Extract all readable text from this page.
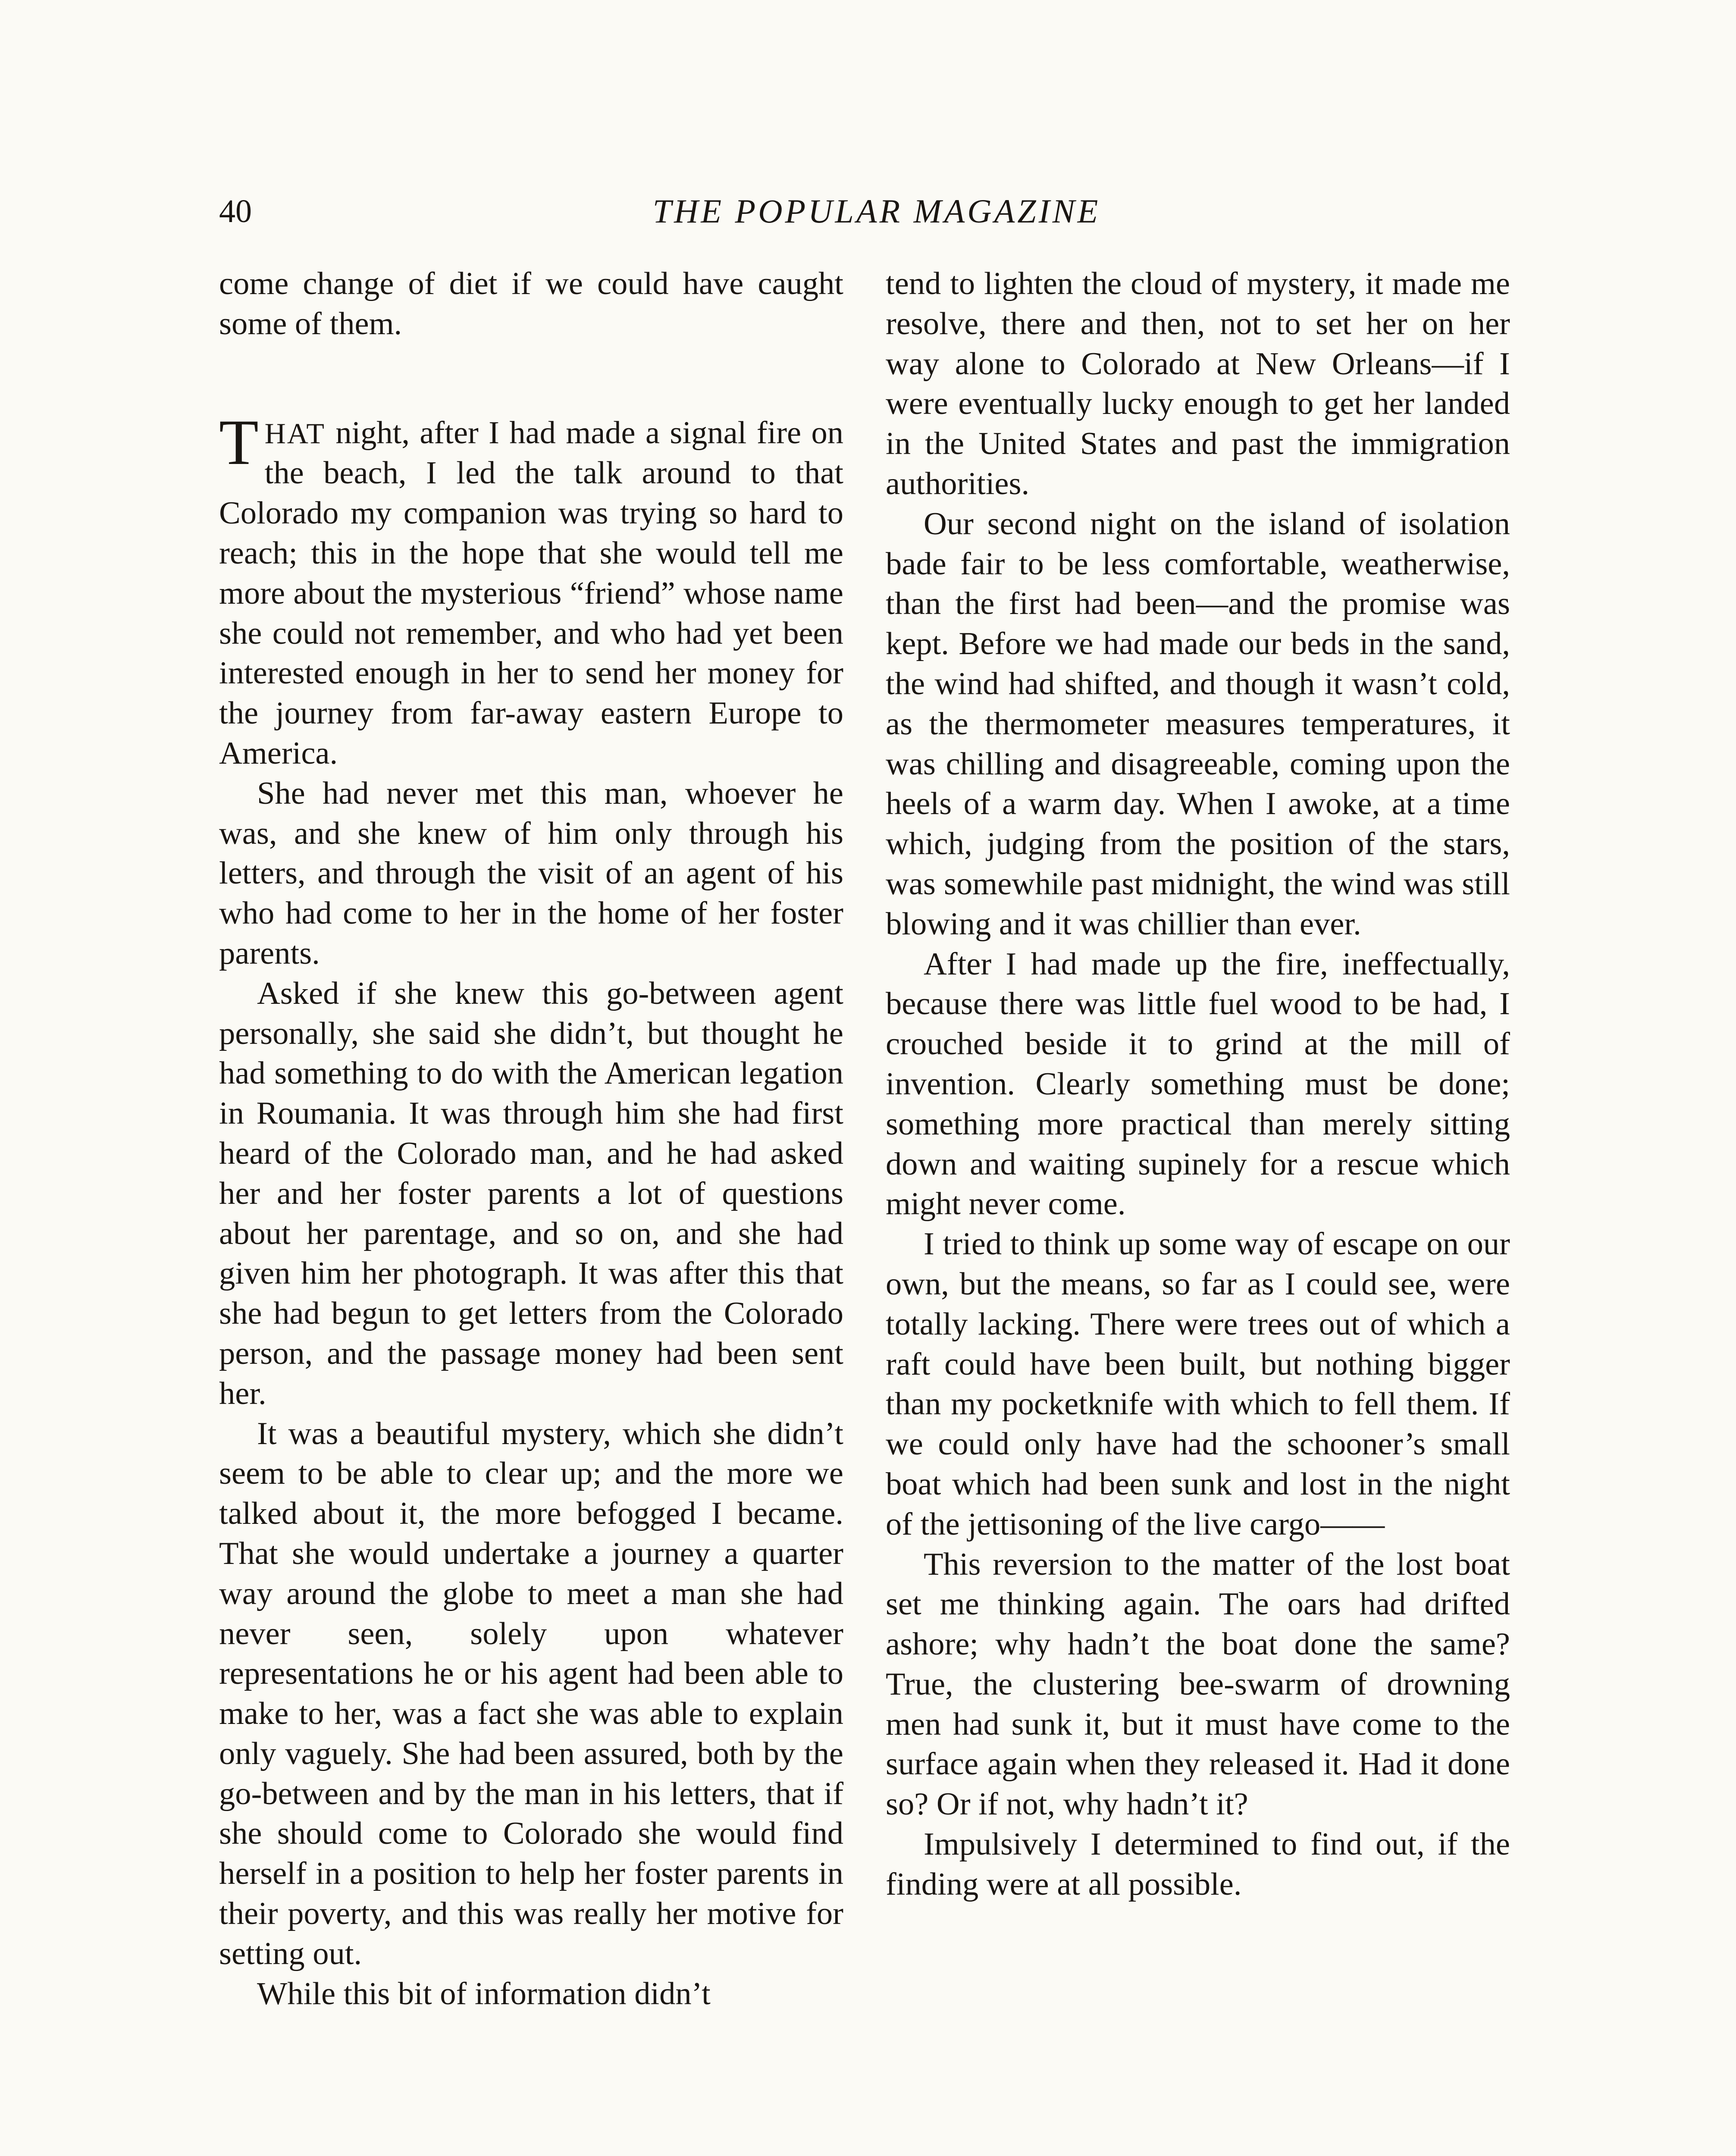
40	THE POPULAR MAGAZINE

come change of diet if we could have caught some of them.

THAT night, after I had made a signal fire on the beach, I led the talk around to that Colorado my companion was trying so hard to reach; this in the hope that she would tell me more about the mysterious “friend” whose name she could not remember, and who had yet been interested enough in her to send her money for the journey from far-away eastern Europe to America.

She had never met this man, whoever he was, and she knew of him only through his letters, and through the visit of an agent of his who had come to her in the home of her foster parents.

Asked if she knew this go-between agent personally, she said she didn’t, but thought he had something to do with the American legation in Roumania. It was through him she had first heard of the Colorado man, and he had asked her and her foster parents a lot of questions about her parentage, and so on, and she had given him her photograph. It was after this that she had begun to get letters from the Colorado person, and the passage money had been sent her.

It was a beautiful mystery, which she didn’t seem to be able to clear up; and the more we talked about it, the more befogged I became. That she would undertake a journey a quarter way around the globe to meet a man she had never seen, solely upon whatever representations he or his agent had been able to make to her, was a fact she was able to explain only vaguely. She had been assured, both by the go-between and by the man in his letters, that if she should come to Colorado she would find herself in a position to help her foster parents in their poverty, and this was really her motive for setting out.

While this bit of information didn’t

tend to lighten the cloud of mystery, it made me resolve, there and then, not to set her on her way alone to Colorado at New Orleans—if I were eventually lucky enough to get her landed in the United States and past the immigration authorities.

Our second night on the island of isolation bade fair to be less comfortable, weatherwise, than the first had been—and the promise was kept. Before we had made our beds in the sand, the wind had shifted, and though it wasn’t cold, as the thermometer measures temperatures, it was chilling and disagreeable, coming upon the heels of a warm day. When I awoke, at a time which, judging from the position of the stars, was somewhile past midnight, the wind was still blowing and it was chillier than ever.

After I had made up the fire, ineffectually, because there was little fuel wood to be had, I crouched beside it to grind at the mill of invention. Clearly something must be done; something more practical than merely sitting down and waiting supinely for a rescue which might never come.

I tried to think up some way of escape on our own, but the means, so far as I could see, were totally lacking. There were trees out of which a raft could have been built, but nothing bigger than my pocketknife with which to fell them. If we could only have had the schooner’s small boat which had been sunk and lost in the night of the jettisoning of the live cargo——

This reversion to the matter of the lost boat set me thinking again. The oars had drifted ashore; why hadn’t the boat done the same? True, the clustering bee-swarm of drowning men had sunk it, but it must have come to the surface again when they released it. Had it done so? Or if not, why hadn’t it?

Impulsively I determined to find out, if the finding were at all possible.
